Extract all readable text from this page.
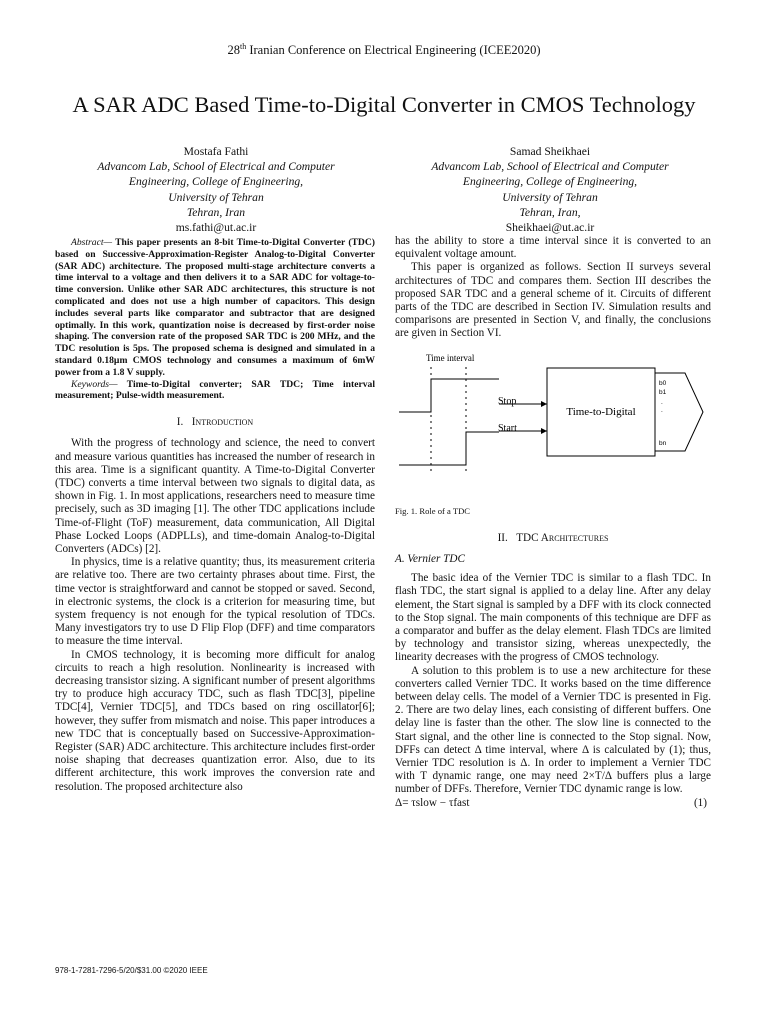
28th Iranian Conference on Electrical Engineering (ICEE2020)
A SAR ADC Based Time-to-Digital Converter in CMOS Technology
Mostafa Fathi
Advancom Lab, School of Electrical and Computer
Engineering, College of Engineering,
University of Tehran
Tehran, Iran
ms.fathi@ut.ac.ir
Samad Sheikhaei
Advancom Lab, School of Electrical and Computer
Engineering, College of Engineering,
University of Tehran
Tehran, Iran,
Sheikhaei@ut.ac.ir

Abstract— This paper presents an 8-bit Time-to-Digital Converter (TDC) based on Successive-Approximation-Register Analog-to-Digital Converter (SAR ADC) architecture. The proposed multi-stage architecture converts a time interval to a voltage and then delivers it to a SAR ADC for voltage-to-time conversion. Unlike other SAR ADC architectures, this structure is not complicated and does not use a high number of capacitors. This design includes several parts like comparator and subtractor that are designed optimally. In this work, quantization noise is decreased by first-order noise shaping. The conversion rate of the proposed SAR TDC is 200 MHz, and the TDC resolution is 5ps. The proposed schema is designed and simulated in a standard 0.18µm CMOS technology and consumes a maximum of 6mW power from a 1.8 V supply.

Keywords— Time-to-Digital converter; SAR TDC; Time interval measurement; Pulse-width measurement.

I. Introduction

With the progress of technology and science, the need to convert and measure various quantities has increased the number of research in this area. Time is a significant quantity. A Time-to-Digital Converter (TDC) converts a time interval between two signals to digital data, as shown in Fig. 1. In most applications, researchers need to measure time precisely, such as 3D imaging [1]. The other TDC applications include Time-of-Flight (ToF) measurement, data communication, All Digital Phase Locked Loops (ADPLLs), and time-domain Analog-to-Digital Converters (ADCs) [2].

In physics, time is a relative quantity; thus, its measurement criteria are relative too. There are two certainty phrases about time. First, the time vector is straightforward and cannot be stopped or saved. Second, in electronic systems, the clock is a criterion for measuring time, but system frequency is not enough for the typical resolution of TDCs. Many investigators try to use D Flip Flop (DFF) and time comparators to measure the time interval.

In CMOS technology, it is becoming more difficult for analog circuits to reach a high resolution. Nonlinearity is increased with decreasing transistor sizing. A significant number of present algorithms try to produce high accuracy TDC, such as flash TDC[3], pipeline TDC[4], Vernier TDC[5], and TDCs based on ring oscillator[6]; however, they suffer from mismatch and noise. This paper introduces a new TDC that is conceptually based on Successive-Approximation-Register (SAR) ADC architecture. This architecture includes first-order noise shaping that decreases quantization error. Also, due to its different architecture, this work improves the conversion rate and resolution. The proposed architecture also

has the ability to store a time interval since it is converted to an equivalent voltage amount.

This paper is organized as follows. Section II surveys several architectures of TDC and compares them. Section III describes the proposed SAR TDC and a general scheme of it. Circuits of different parts of the TDC are described in Section IV. Simulation results and comparisons are presented in Section V, and finally, the conclusions are given in Section VI.

Time interval
Stop
Start
Time-to-Digital
b0
b1
.
.
bn

Fig. 1. Role of a TDC

II. TDC Architectures
A. Vernier TDC

The basic idea of the Vernier TDC is similar to a flash TDC. In flash TDC, the start signal is applied to a delay line. After any delay element, the Start signal is sampled by a DFF with its clock connected to the Stop signal. The main components of this technique are DFF as a comparator and buffer as the delay element. Flash TDCs are limited by technology and transistor sizing, whereas unexpectedly, the linearity decreases with the progress of CMOS technology.

A solution to this problem is to use a new architecture for these converters called Vernier TDC. It works based on the time difference between delay cells. The model of a Vernier TDC is presented in Fig. 2. There are two delay lines, each consisting of different buffers. One delay line is faster than the other. The slow line is connected to the Start signal, and the other line is connected to the Stop signal. Now, DFFs can detect Δ time interval, where Δ is calculated by (1); thus, Vernier TDC resolution is Δ. In order to implement a Vernier TDC with T dynamic range, one may need 2×T/Δ buffers plus a large number of DFFs. Therefore, Vernier TDC dynamic range is low.

Δ= τslow − τfast	(1)
978-1-7281-7296-5/20/$31.00 ©2020 IEEE
